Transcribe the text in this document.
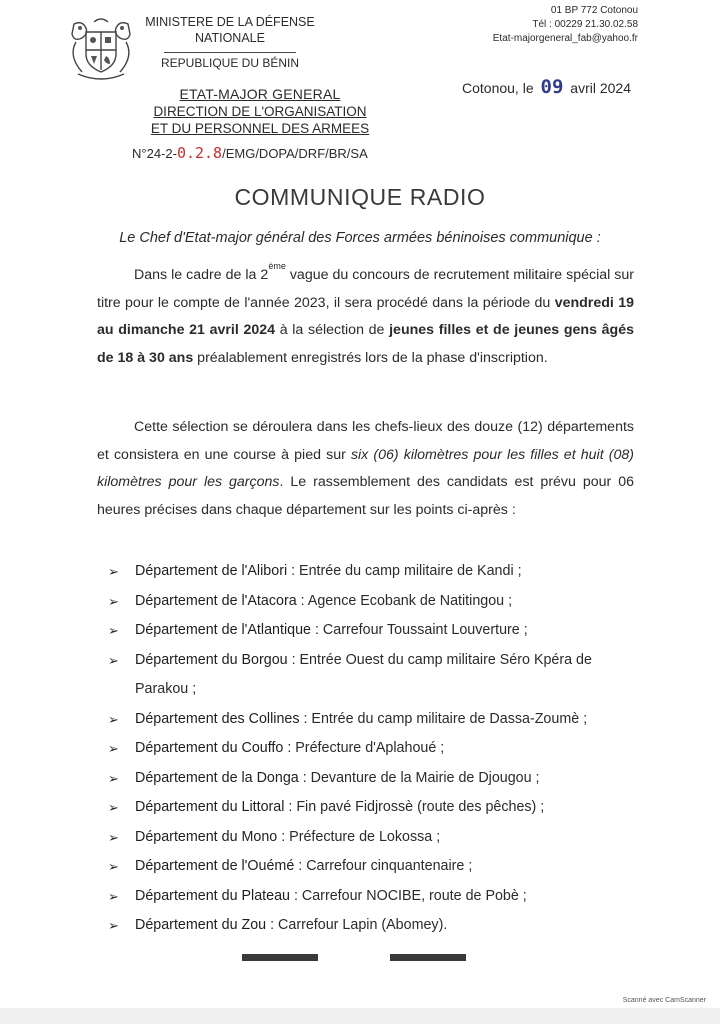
MINISTERE DE LA DÉFENSE
NATIONALE
REPUBLIQUE DU BÉNIN
01 BP 772 Cotonou
Tél : 00229 21.30.02.58
Etat-majorgeneral_fab@yahoo.fr
Cotonou, le 09 avril 2024
ETAT-MAJOR GENERAL
DIRECTION DE L'ORGANISATION
ET DU PERSONNEL DES ARMEES
N°24-2-0.2.8/EMG/DOPA/DRF/BR/SA
COMMUNIQUE RADIO
Le Chef d'Etat-major général des Forces armées béninoises communique :
Dans le cadre de la 2ème vague du concours de recrutement militaire spécial sur titre pour le compte de l'année 2023, il sera procédé dans la période du vendredi 19 au dimanche 21 avril 2024 à la sélection de jeunes filles et de jeunes gens âgés de 18 à 30 ans préalablement enregistrés lors de la phase d'inscription.
Cette sélection se déroulera dans les chefs-lieux des douze (12) départements et consistera en une course à pied sur six (06) kilomètres pour les filles et huit (08) kilomètres pour les garçons. Le rassemblement des candidats est prévu pour 06 heures précises dans chaque département sur les points ci-après :
➢ Département de l'Alibori : Entrée du camp militaire de Kandi ;
➢ Département de l'Atacora : Agence Ecobank de Natitingou ;
➢ Département de l'Atlantique : Carrefour Toussaint Louverture ;
➢ Département du Borgou : Entrée Ouest du camp militaire Séro Kpéra de
Parakou ;
➢ Département des Collines : Entrée du camp militaire de Dassa-Zoumè ;
➢ Département du Couffo : Préfecture d'Aplahoué ;
➢ Département de la Donga : Devanture de la Mairie de Djougou ;
➢ Département du Littoral : Fin pavé Fidjrossè (route des pêches) ;
➢ Département du Mono : Préfecture de Lokossa ;
➢ Département de l'Ouémé : Carrefour cinquantenaire ;
➢ Département du Plateau : Carrefour NOCIBE, route de Pobè ;
➢ Département du Zou : Carrefour Lapin (Abomey).
Scanné avec CamScanner
